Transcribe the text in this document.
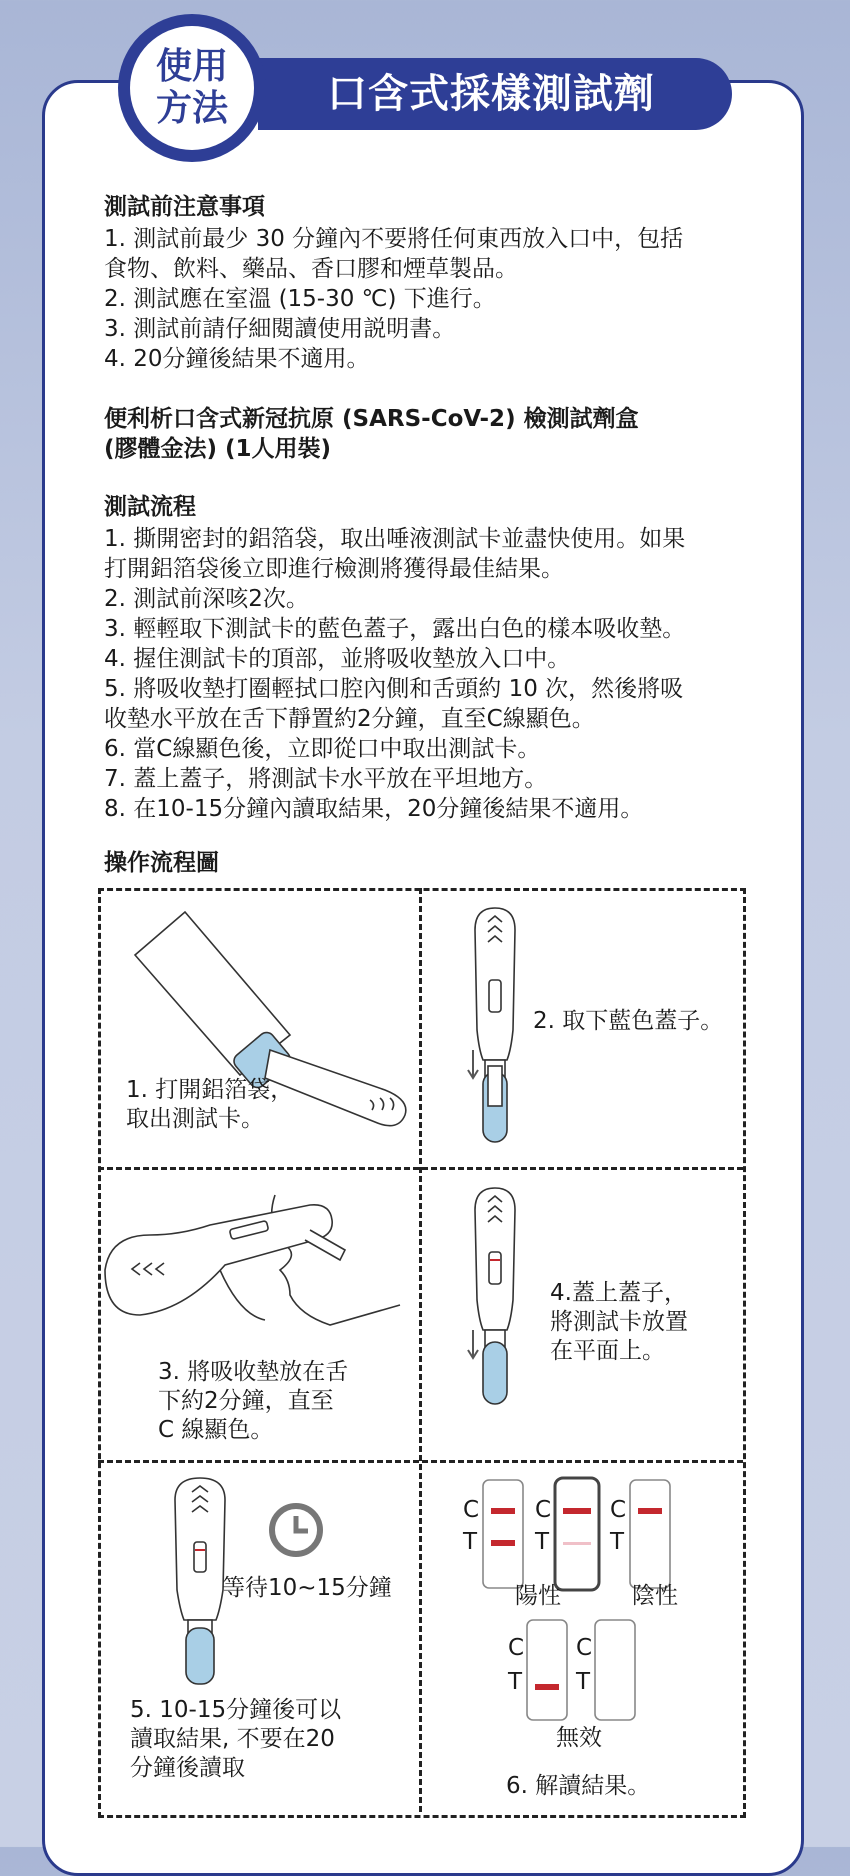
口含式採樣測試劑
使用
方法
測試前注意事項

1. 測試前最少 30 分鐘內不要將任何東西放入口中，包括

食物、飲料、藥品、香口膠和煙草製品。

2. 測試應在室溫 (15-30 ℃) 下進行。

3. 測試前請仔細閱讀使用説明書。

4. 20分鐘後結果不適用。

便利析口含式新冠抗原 (SARS-CoV-2) 檢測試劑盒

(膠體金法) (1人用裝)

測試流程

1. 撕開密封的鋁箔袋，取出唾液測試卡並盡快使用。如果

打開鋁箔袋後立即進行檢測將獲得最佳結果。

2. 測試前深咳2次。

3. 輕輕取下測試卡的藍色蓋子，露出白色的樣本吸收墊。

4. 握住測試卡的頂部，並將吸收墊放入口中。

5. 將吸收墊打圈輕拭口腔內側和舌頭約 10 次，然後將吸

收墊水平放在舌下靜置約2分鐘，直至C線顯色。

6. 當C線顯色後，立即從口中取出測試卡。

7. 蓋上蓋子，將測試卡水平放在平坦地方。

8. 在10-15分鐘內讀取結果，20分鐘後結果不適用。

操作流程圖
1. 打開鋁箔袋，
取出測試卡。
2. 取下藍色蓋子。
3. 將吸收墊放在舌
下約2分鐘，直至
C 線顯色。
4.蓋上蓋子，
將測試卡放置
在平面上。
等待10~15分鐘
5. 10-15分鐘後可以
讀取結果, 不要在20
分鐘後讀取
C
T
C
T
C
T
C
T
C
T
陽性	陰性
無效
6. 解讀結果。
